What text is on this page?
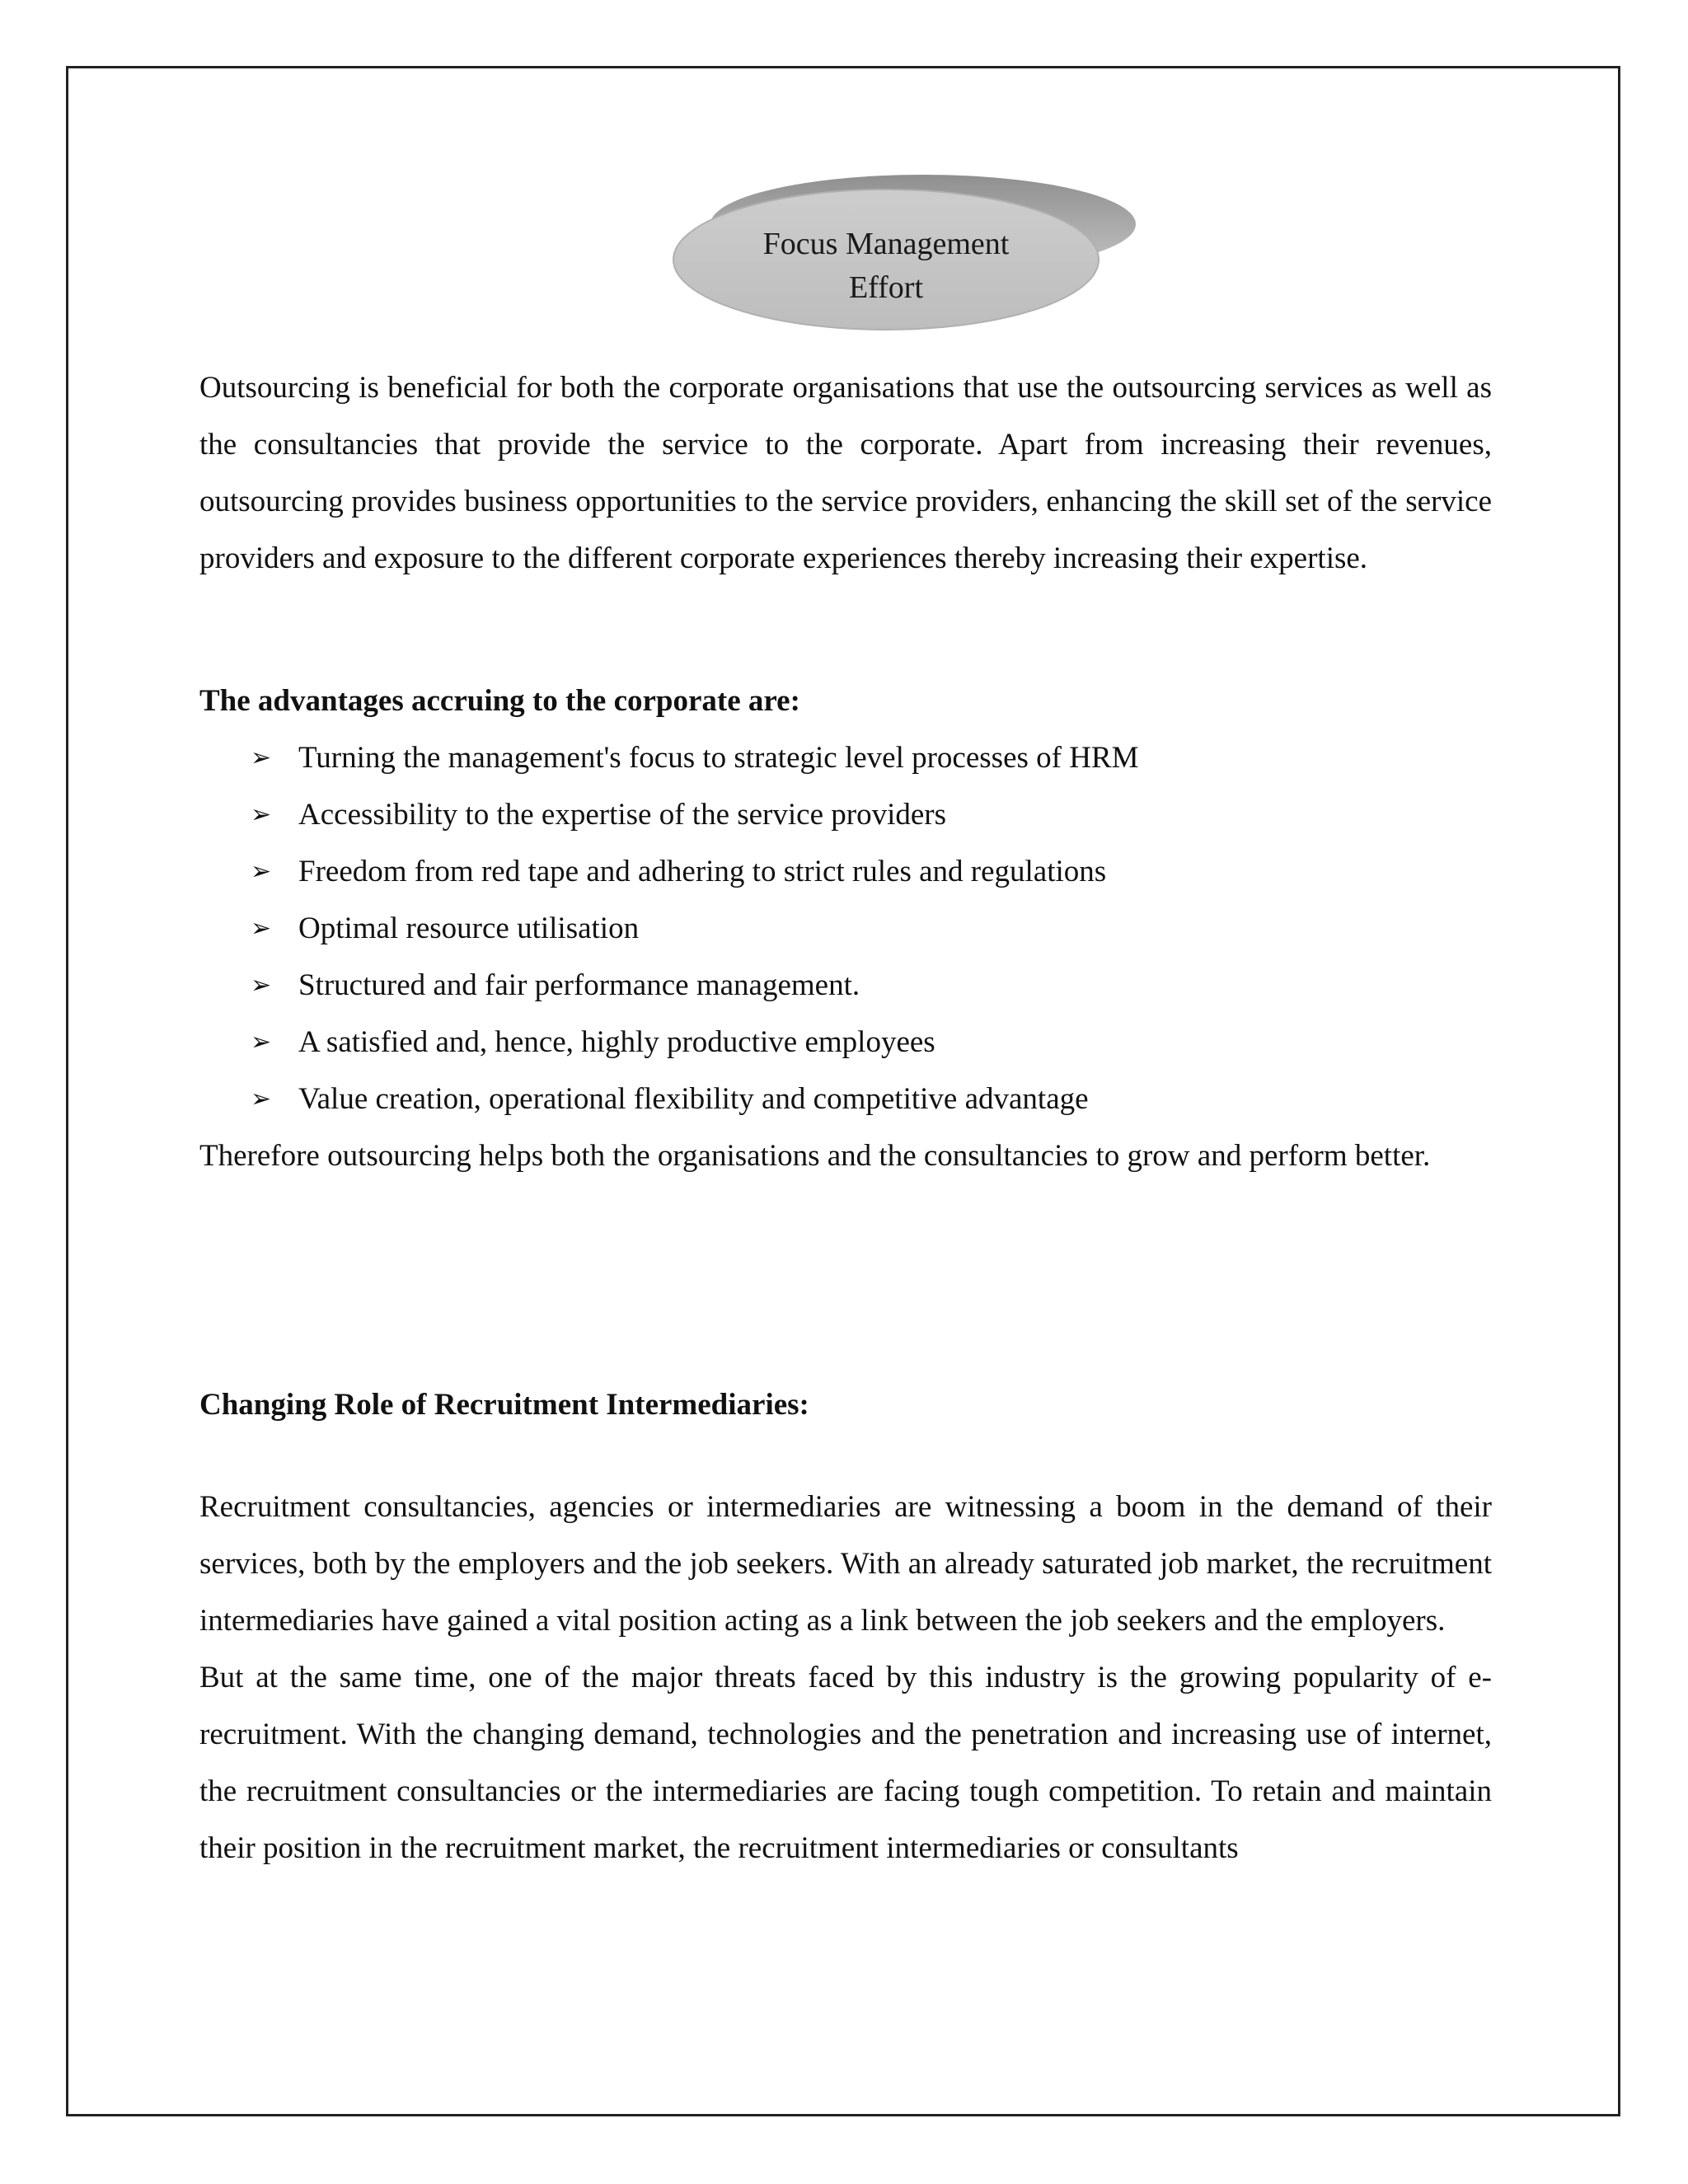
Focus Management
Effort

Outsourcing is beneficial for both the corporate organisations that use the outsourcing services as well as the consultancies that provide the service to the corporate. Apart from increasing their revenues, outsourcing provides business opportunities to the service providers, enhancing the skill set of the service providers and exposure to the different corporate experiences thereby increasing their expertise.

The advantages accruing to the corporate are:

➢ Turning the management's focus to strategic level processes of HRM
➢ Accessibility to the expertise of the service providers
➢ Freedom from red tape and adhering to strict rules and regulations
➢ Optimal resource utilisation
➢ Structured and fair performance management.
➢ A satisfied and, hence, highly productive employees
➢ Value creation, operational flexibility and competitive advantage

Therefore outsourcing helps both the organisations and the consultancies to grow and perform better.

Changing Role of Recruitment Intermediaries:

Recruitment consultancies, agencies or intermediaries are witnessing a boom in the demand of their services, both by the employers and the job seekers. With an already saturated job market, the recruitment intermediaries have gained a vital position acting as a link between the job seekers and the employers.

But at the same time, one of the major threats faced by this industry is the growing popularity of e-recruitment. With the changing demand, technologies and the penetration and increasing use of internet, the recruitment consultancies or the intermediaries are facing tough competition. To retain and maintain their position in the recruitment market, the recruitment intermediaries or consultants
